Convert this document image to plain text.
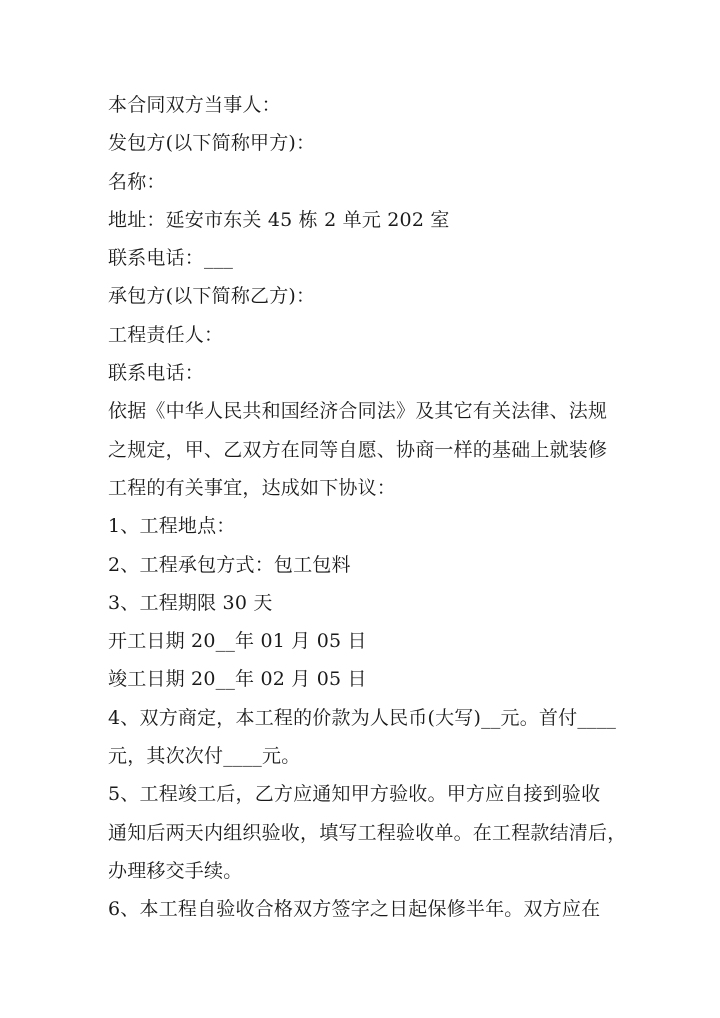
本合同双方当事人：

发包方(以下简称甲方)：

名称：

地址：延安市东关 45 栋 2 单元 202 室

联系电话：___

承包方(以下简称乙方)：

工程责任人：

联系电话：

依据《中华人民共和国经济合同法》及其它有关法律、法规

之规定，甲、乙双方在同等自愿、协商一样的基础上就装修

工程的有关事宜，达成如下协议：

1、工程地点：

2、工程承包方式：包工包料

3、工程期限 30 天

开工日期 20__年 01 月 05 日

竣工日期 20__年 02 月 05 日

4、双方商定，本工程的价款为人民币(大写)__元。首付____

元，其次次付____元。

5、工程竣工后，乙方应通知甲方验收。甲方应自接到验收

通知后两天内组织验收，填写工程验收单。在工程款结清后，

办理移交手续。

6、本工程自验收合格双方签字之日起保修半年。双方应在
